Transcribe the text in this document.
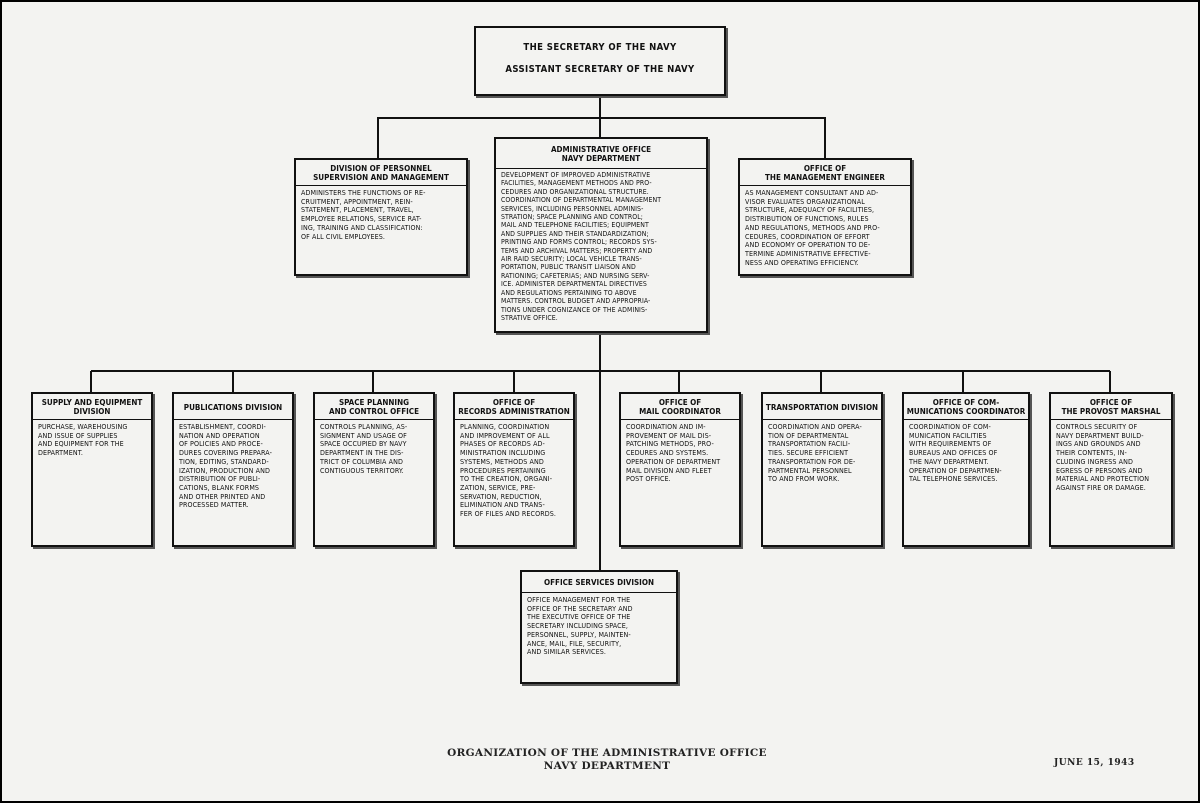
THE SECRETARY OF THE NAVY
ASSISTANT SECRETARY OF THE NAVY
ADMINISTRATIVE OFFICE
NAVY DEPARTMENT
DEVELOPMENT OF IMPROVED ADMINISTRATIVE
FACILITIES, MANAGEMENT METHODS AND PRO-
CEDURES AND ORGANIZATIONAL STRUCTURE.
COORDINATION OF DEPARTMENTAL MANAGEMENT
SERVICES, INCLUDING PERSONNEL ADMINIS-
STRATION; SPACE PLANNING AND CONTROL;
MAIL AND TELEPHONE FACILITIES; EQUIPMENT
AND SUPPLIES AND THEIR STANDARDIZATION;
PRINTING AND FORMS CONTROL; RECORDS SYS-
TEMS AND ARCHIVAL MATTERS; PROPERTY AND
AIR RAID SECURITY; LOCAL VEHICLE TRANS-
PORTATION, PUBLIC TRANSIT LIAISON AND
RATIONING; CAFETERIAS; AND NURSING SERV-
ICE. ADMINISTER DEPARTMENTAL DIRECTIVES
AND REGULATIONS PERTAINING TO ABOVE
MATTERS. CONTROL BUDGET AND APPROPRIA-
TIONS UNDER COGNIZANCE OF THE ADMINIS-
STRATIVE OFFICE.
DIVISION OF PERSONNEL
SUPERVISION AND MANAGEMENT
ADMINISTERS THE FUNCTIONS OF RE-
CRUITMENT, APPOINTMENT, REIN-
STATEMENT, PLACEMENT, TRAVEL,
EMPLOYEE RELATIONS, SERVICE RAT-
ING, TRAINING AND CLASSIFICATION:
OF ALL CIVIL EMPLOYEES.
OFFICE OF
THE MANAGEMENT ENGINEER
AS MANAGEMENT CONSULTANT AND AD-
VISOR EVALUATES ORGANIZATIONAL
STRUCTURE, ADEQUACY OF FACILITIES,
DISTRIBUTION OF FUNCTIONS, RULES
AND REGULATIONS, METHODS AND PRO-
CEDURES, COORDINATION OF EFFORT
AND ECONOMY OF OPERATION TO DE-
TERMINE ADMINISTRATIVE EFFECTIVE-
NESS AND OPERATING EFFICIENCY.
SUPPLY AND EQUIPMENT
DIVISION
PURCHASE, WAREHOUSING
AND ISSUE OF SUPPLIES
AND EQUIPMENT FOR THE
DEPARTMENT.
PUBLICATIONS DIVISION
ESTABLISHMENT, COORDI-
NATION AND OPERATION
OF POLICIES AND PROCE-
DURES COVERING PREPARA-
TION, EDITING, STANDARD-
IZATION, PRODUCTION AND
DISTRIBUTION OF PUBLI-
CATIONS, BLANK FORMS
AND OTHER PRINTED AND
PROCESSED MATTER.
SPACE PLANNING
AND CONTROL OFFICE
CONTROLS PLANNING, AS-
SIGNMENT AND USAGE OF
SPACE OCCUPIED BY NAVY
DEPARTMENT IN THE DIS-
TRICT OF COLUMBIA AND
CONTIGUOUS TERRITORY.
OFFICE OF
RECORDS ADMINISTRATION
PLANNING, COORDINATION
AND IMPROVEMENT OF ALL
PHASES OF RECORDS AD-
MINISTRATION INCLUDING
SYSTEMS, METHODS AND
PROCEDURES PERTAINING
TO THE CREATION, ORGANI-
ZATION, SERVICE, PRE-
SERVATION, REDUCTION,
ELIMINATION AND TRANS-
FER OF FILES AND RECORDS.
OFFICE OF
MAIL COORDINATOR
COORDINATION AND IM-
PROVEMENT OF MAIL DIS-
PATCHING METHODS, PRO-
CEDURES AND SYSTEMS.
OPERATION OF DEPARTMENT
MAIL DIVISION AND FLEET
POST OFFICE.
TRANSPORTATION DIVISION
COORDINATION AND OPERA-
TION OF DEPARTMENTAL
TRANSPORTATION FACILI-
TIES. SECURE EFFICIENT
TRANSPORTATION FOR DE-
PARTMENTAL PERSONNEL
TO AND FROM WORK.
OFFICE OF COM-
MUNICATIONS COORDINATOR
COORDINATION OF COM-
MUNICATION FACILITIES
WITH REQUIREMENTS OF
BUREAUS AND OFFICES OF
THE NAVY DEPARTMENT.
OPERATION OF DEPARTMEN-
TAL TELEPHONE SERVICES.
OFFICE OF
THE PROVOST MARSHAL
CONTROLS SECURITY OF
NAVY DEPARTMENT BUILD-
INGS AND GROUNDS AND
THEIR CONTENTS, IN-
CLUDING INGRESS AND
EGRESS OF PERSONS AND
MATERIAL AND PROTECTION
AGAINST FIRE OR DAMAGE.
OFFICE SERVICES DIVISION
OFFICE MANAGEMENT FOR THE
OFFICE OF THE SECRETARY AND
THE EXECUTIVE OFFICE OF THE
SECRETARY INCLUDING SPACE,
PERSONNEL, SUPPLY, MAINTEN-
ANCE, MAIL, FILE, SECURITY,
AND SIMILAR SERVICES.
ORGANIZATION OF THE ADMINISTRATIVE OFFICE
NAVY DEPARTMENT	JUNE 15, 1943
